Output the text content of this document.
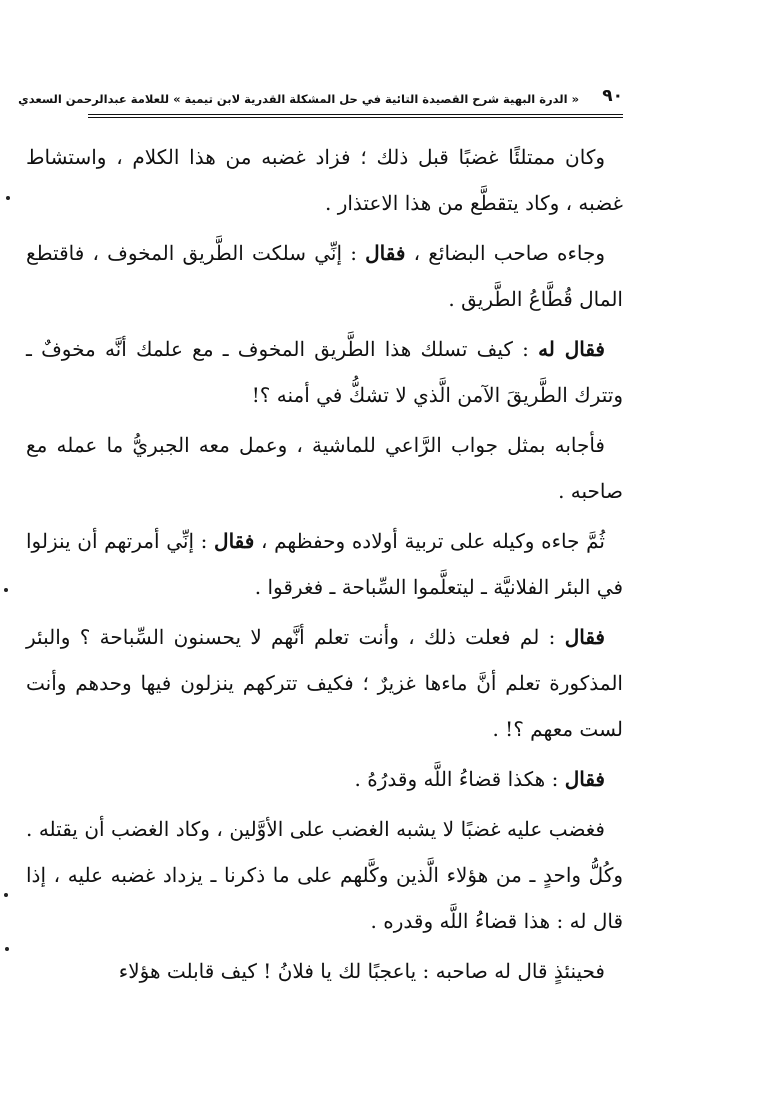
٩٠
« الدرة البهية شرح القصيدة التائية في حل المشكلة القدرية لابن تيمية » للعلامة عبدالرحمن السعدي

وكان ممتلئًا غضبًا قبل ذلك ؛ فزاد غضبه من هذا الكلام ، واستشاط غضبه ، وكاد يتقطَّع من هذا الاعتذار .

وجاءه صاحب البضائع ، فقال : إنِّي سلكت الطَّريق المخوف ، فاقتطع المال قُطَّاعُ الطَّريق .

فقال له : كيف تسلك هذا الطَّريق المخوف ـ مع علمك أنَّه مخوفٌ ـ وتترك الطَّريقَ الآمن الَّذي لا تشكُّ في أمنه ؟!

فأجابه بمثل جواب الرَّاعي للماشية ، وعمل معه الجبريُّ ما عمله مع صاحبه .

ثُمَّ جاءه وكيله على تربية أولاده وحفظهم ، فقال : إنِّي أمرتهم أن ينزلوا في البئر الفلانيَّة ـ ليتعلَّموا السِّباحة ـ فغرقوا .

فقال : لم فعلت ذلك ، وأنت تعلم أنَّهم لا يحسنون السِّباحة ؟ والبئر المذكورة تعلم أنَّ ماءها غزيرٌ ؛ فكيف تتركهم ينزلون فيها وحدهم وأنت لست معهم ؟! .

فقال : هكذا قضاءُ اللَّه وقدرُهُ .

فغضب عليه غضبًا لا يشبه الغضب على الأوَّلين ، وكاد الغضب أن يقتله . وكُلُّ واحدٍ ـ من هؤلاء الَّذين وكَّلهم على ما ذكرنا ـ يزداد غضبه عليه ، إذا قال له : هذا قضاءُ اللَّه وقدره .

فحينئذٍ قال له صاحبه : ياعجبًا لك يا فلانُ ! كيف قابلت هؤلاء
